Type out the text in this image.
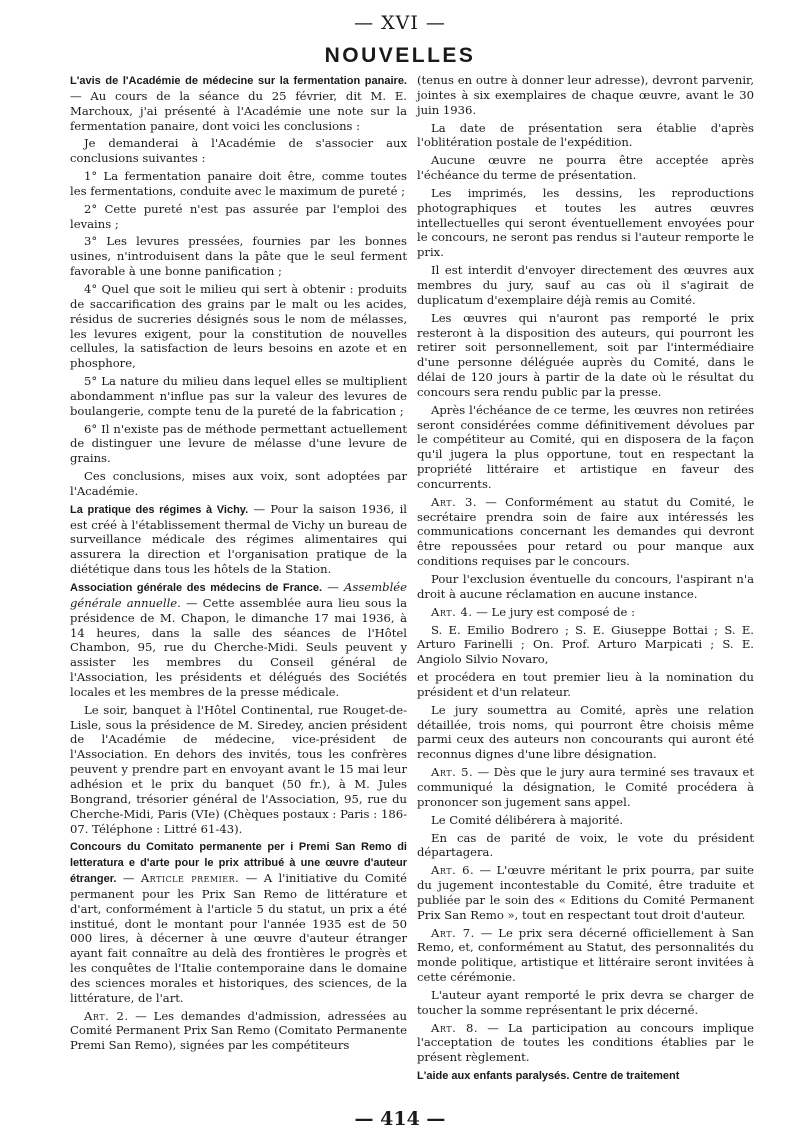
— XVI —
NOUVELLES

L'avis de l'Académie de médecine sur la fermentation panaire. — Au cours de la séance du 25 février, dit M. E. Marchoux, j'ai présenté à l'Académie une note sur la fermentation panaire, dont voici les conclusions :

Je demanderai à l'Académie de s'associer aux conclusions suivantes :

1° La fermentation panaire doit être, comme toutes les fermentations, conduite avec le maximum de pureté ;

2° Cette pureté n'est pas assurée par l'emploi des levains ;

3° Les levures pressées, fournies par les bonnes usines, n'introduisent dans la pâte que le seul ferment favorable à une bonne panification ;

4° Quel que soit le milieu qui sert à obtenir : produits de saccarification des grains par le malt ou les acides, résidus de sucreries désignés sous le nom de mélasses, les levures exigent, pour la constitution de nouvelles cellules, la satisfaction de leurs besoins en azote et en phosphore,

5° La nature du milieu dans lequel elles se multiplient abondamment n'influe pas sur la valeur des levures de boulangerie, compte tenu de la pureté de la fabrication ;

6° Il n'existe pas de méthode permettant actuellement de distinguer une levure de mélasse d'une levure de grains.

Ces conclusions, mises aux voix, sont adoptées par l'Académie.

La pratique des régimes à Vichy. — Pour la saison 1936, il est créé à l'établissement thermal de Vichy un bureau de surveillance médicale des régimes alimentaires qui assurera la direction et l'organisation pratique de la diététique dans tous les hôtels de la Station.

Association générale des médecins de France. — Assemblée générale annuelle. — Cette assemblée aura lieu sous la présidence de M. Chapon, le dimanche 17 mai 1936, à 14 heures, dans la salle des séances de l'Hôtel Chambon, 95, rue du Cherche-Midi. Seuls peuvent y assister les membres du Conseil général de l'Association, les présidents et délégués des Sociétés locales et les membres de la presse médicale.

Le soir, banquet à l'Hôtel Continental, rue Rouget-de-Lisle, sous la présidence de M. Siredey, ancien président de l'Académie de médecine, vice-président de l'Association. En dehors des invités, tous les confrères peuvent y prendre part en envoyant avant le 15 mai leur adhésion et le prix du banquet (50 fr.), à M. Jules Bongrand, trésorier général de l'Association, 95, rue du Cherche-Midi, Paris (VIe) (Chèques postaux : Paris : 186-07. Téléphone : Littré 61-43).

Concours du Comitato permanente per i Premi San Remo di letteratura e d'arte pour le prix attribué à une œuvre d'auteur étranger. — Article premier. — A l'initiative du Comité permanent pour les Prix San Remo de littérature et d'art, conformément à l'article 5 du statut, un prix a été institué, dont le montant pour l'année 1935 est de 50 000 lires, à décerner à une œuvre d'auteur étranger ayant fait connaître au delà des frontières le progrès et les conquêtes de l'Italie contemporaine dans le domaine des sciences morales et historiques, des sciences, de la littérature, de l'art.

Art. 2. — Les demandes d'admission, adressées au Comité Permanent Prix San Remo (Comitato Permanente Premi San Remo), signées par les compétiteurs

(tenus en outre à donner leur adresse), devront parvenir, jointes à six exemplaires de chaque œuvre, avant le 30 juin 1936.

La date de présentation sera établie d'après l'oblitération postale de l'expédition.

Aucune œuvre ne pourra être acceptée après l'échéance du terme de présentation.

Les imprimés, les dessins, les reproductions photographiques et toutes les autres œuvres intellectuelles qui seront éventuellement envoyées pour le concours, ne seront pas rendus si l'auteur remporte le prix.

Il est interdit d'envoyer directement des œuvres aux membres du jury, sauf au cas où il s'agirait de duplicatum d'exemplaire déjà remis au Comité.

Les œuvres qui n'auront pas remporté le prix resteront à la disposition des auteurs, qui pourront les retirer soit personnellement, soit par l'intermédiaire d'une personne déléguée auprès du Comité, dans le délai de 120 jours à partir de la date où le résultat du concours sera rendu public par la presse.

Après l'échéance de ce terme, les œuvres non retirées seront considérées comme définitivement dévolues par le compétiteur au Comité, qui en disposera de la façon qu'il jugera la plus opportune, tout en respectant la propriété littéraire et artistique en faveur des concurrents.

Art. 3. — Conformément au statut du Comité, le secrétaire prendra soin de faire aux intéressés les communications concernant les demandes qui devront être repoussées pour retard ou pour manque aux conditions requises par le concours.

Pour l'exclusion éventuelle du concours, l'aspirant n'a droit à aucune réclamation en aucune instance.

Art. 4. — Le jury est composé de :

S. E. Emilio Bodrero ; S. E. Giuseppe Bottai ; S. E. Arturo Farinelli ; On. Prof. Arturo Marpicati ; S. E. Angiolo Silvio Novaro,

et procédera en tout premier lieu à la nomination du président et d'un relateur.

Le jury soumettra au Comité, après une relation détaillée, trois noms, qui pourront être choisis même parmi ceux des auteurs non concourants qui auront été reconnus dignes d'une libre désignation.

Art. 5. — Dès que le jury aura terminé ses travaux et communiqué la désignation, le Comité procédera à prononcer son jugement sans appel.

Le Comité délibérera à majorité.

En cas de parité de voix, le vote du président départagera.

Art. 6. — L'œuvre méritant le prix pourra, par suite du jugement incontestable du Comité, être traduite et publiée par le soin des « Editions du Comité Permanent Prix San Remo », tout en respectant tout droit d'auteur.

Art. 7. — Le prix sera décerné officiellement à San Remo, et, conformément au Statut, des personnalités du monde politique, artistique et littéraire seront invitées à cette cérémonie.

L'auteur ayant remporté le prix devra se charger de toucher la somme représentant le prix décerné.

Art. 8. — La participation au concours implique l'acceptation de toutes les conditions établies par le présent règlement.

L'aide aux enfants paralysés. Centre de traitement

— 414 —
